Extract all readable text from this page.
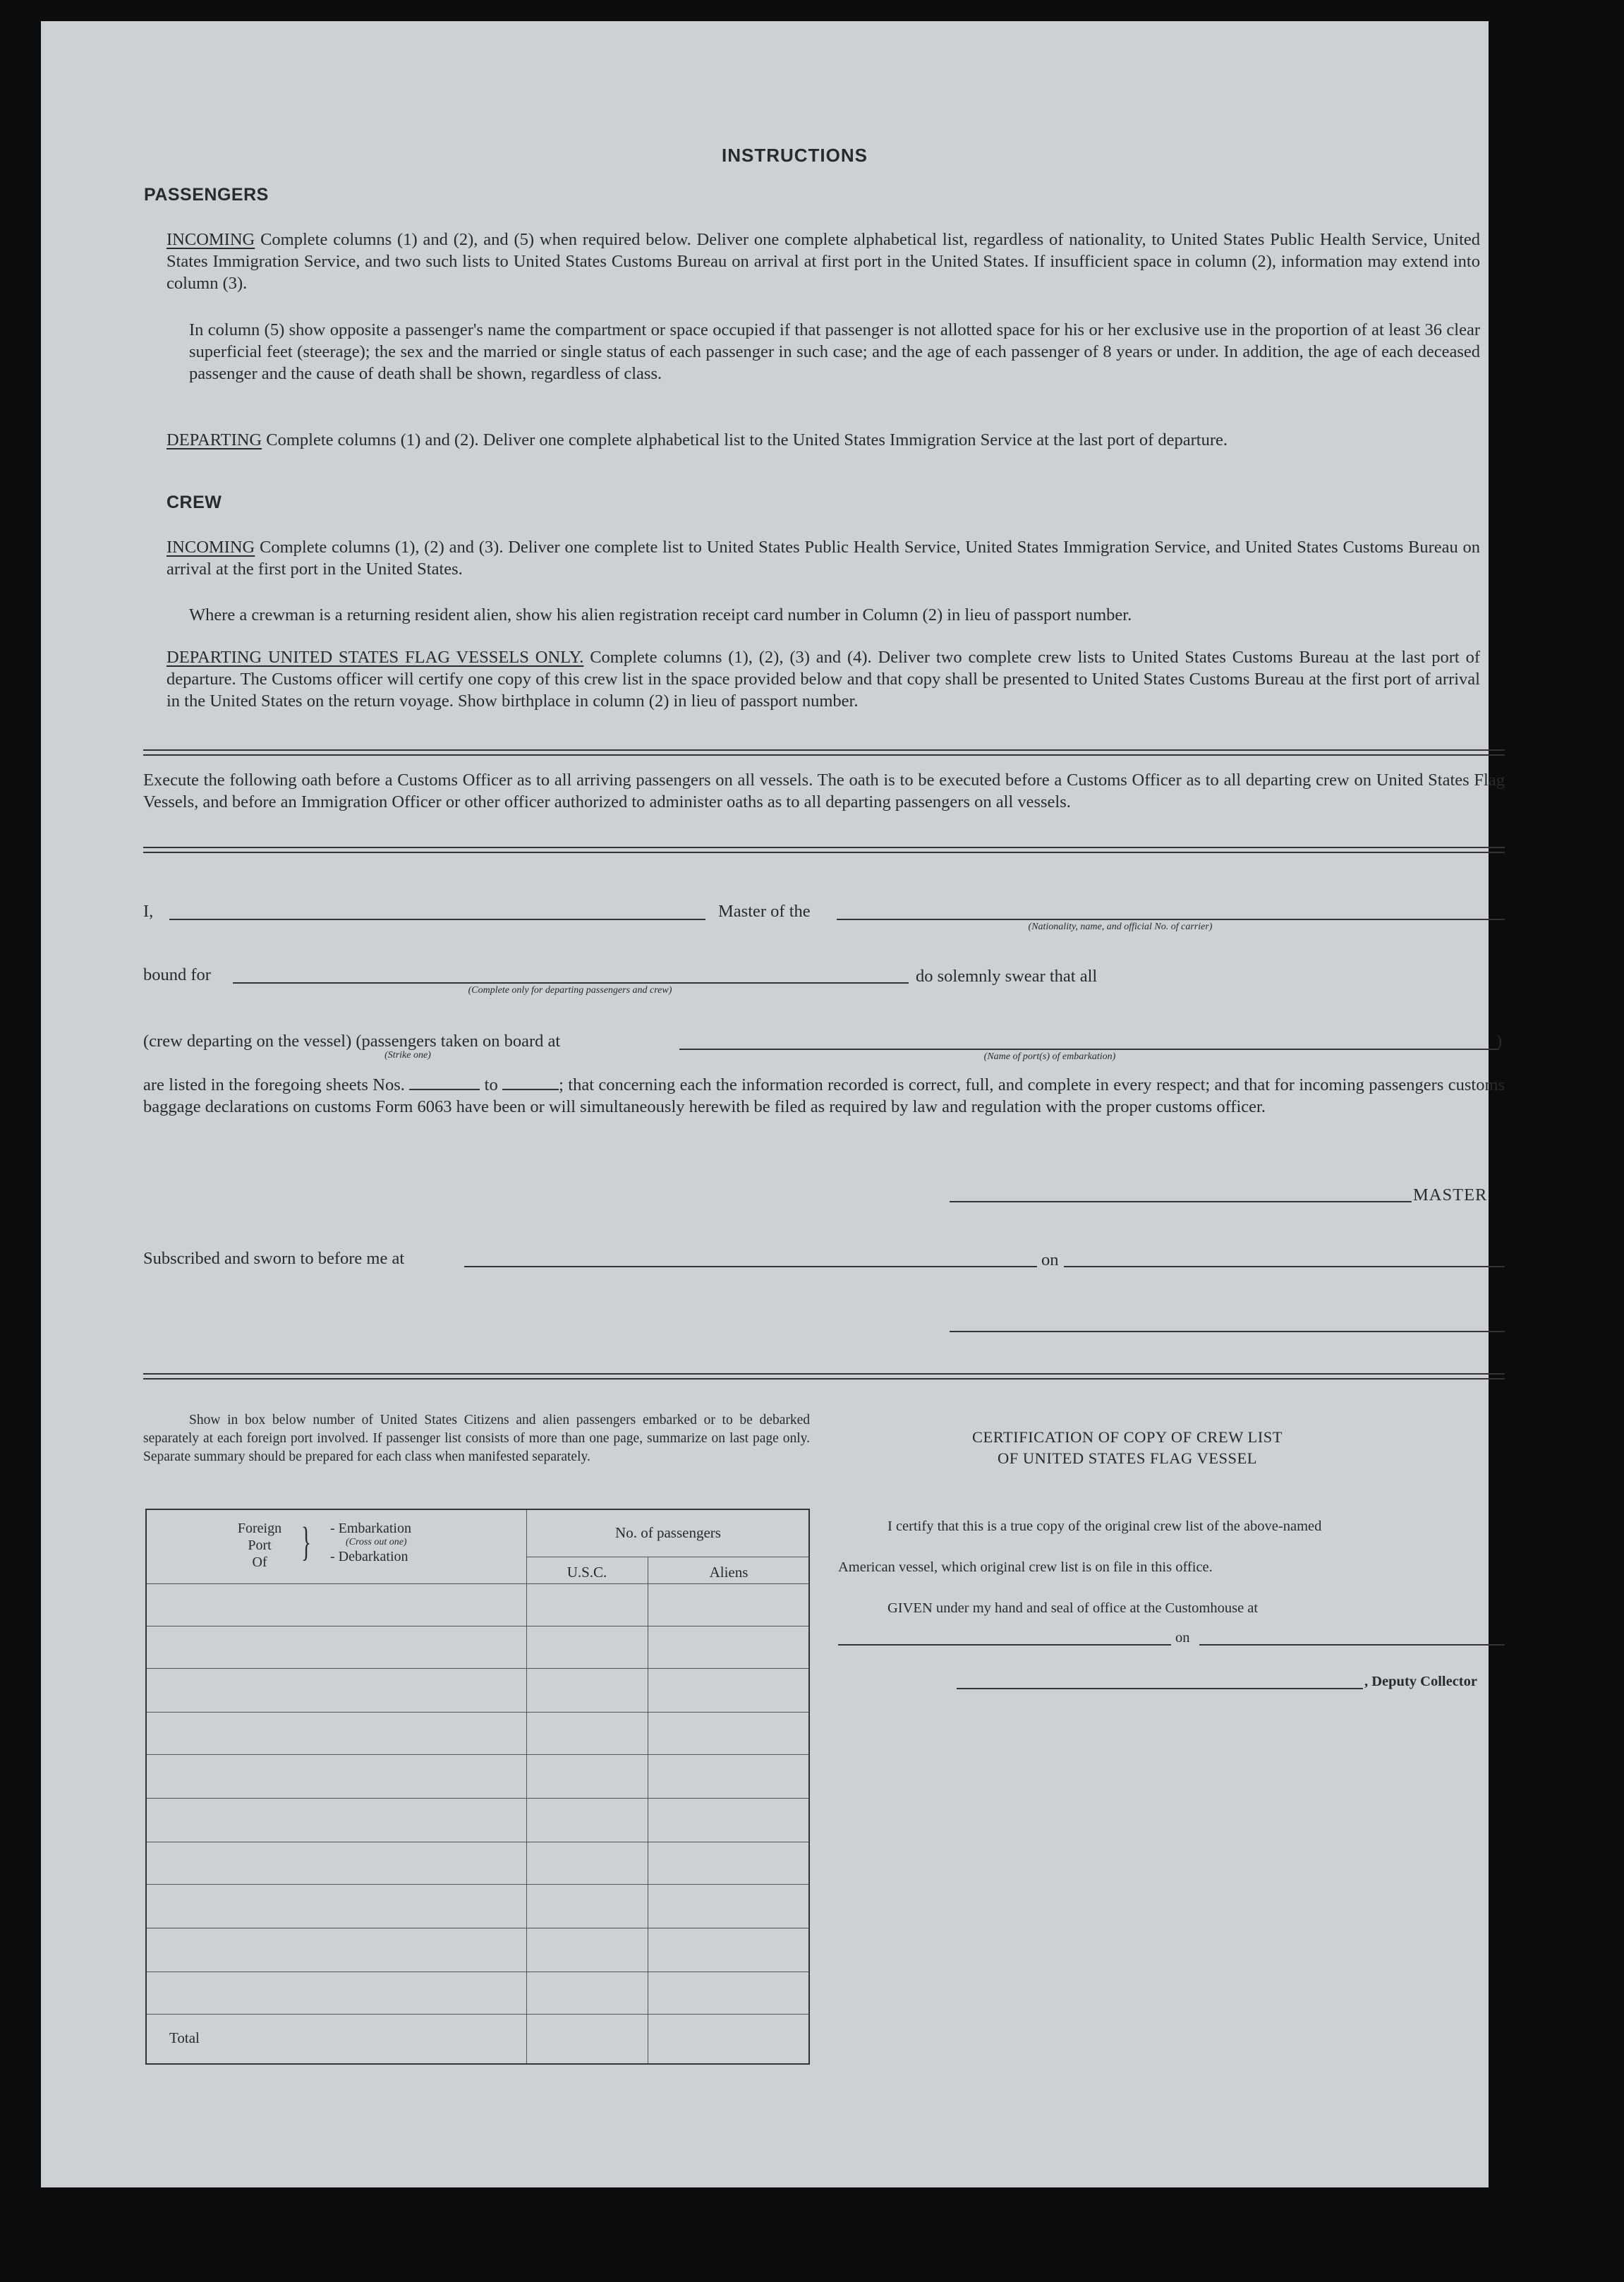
INSTRUCTIONS
PASSENGERS
INCOMING Complete columns (1) and (2), and (5) when required below. Deliver one complete alphabetical list, regardless of nationality, to United States Public Health Service, United States Immigration Service, and two such lists to United States Customs Bureau on arrival at first port in the United States. If insufficient space in column (2), information may extend into column (3).
In column (5) show opposite a passenger's name the compartment or space occupied if that passenger is not allotted space for his or her exclusive use in the proportion of at least 36 clear superficial feet (steerage); the sex and the married or single status of each passenger in such case; and the age of each passenger of 8 years or under. In addition, the age of each deceased passenger and the cause of death shall be shown, regardless of class.
DEPARTING Complete columns (1) and (2). Deliver one complete alphabetical list to the United States Immigration Service at the last port of departure.
CREW
INCOMING Complete columns (1), (2) and (3). Deliver one complete list to United States Public Health Service, United States Immigration Service, and United States Customs Bureau on arrival at the first port in the United States.
Where a crewman is a returning resident alien, show his alien registration receipt card number in Column (2) in lieu of passport number.
DEPARTING UNITED STATES FLAG VESSELS ONLY. Complete columns (1), (2), (3) and (4). Deliver two complete crew lists to United States Customs Bureau at the last port of departure. The Customs officer will certify one copy of this crew list in the space provided below and that copy shall be presented to United States Customs Bureau at the first port of arrival in the United States on the return voyage. Show birthplace in column (2) in lieu of passport number.
Execute the following oath before a Customs Officer as to all arriving passengers on all vessels. The oath is to be executed before a Customs Officer as to all departing crew on United States Flag Vessels, and before an Immigration Officer or other officer authorized to administer oaths as to all departing passengers on all vessels.
I,	Master of the
(Nationality, name, and official No. of carrier)
bound for
(Complete only for departing passengers and crew)
do solemnly swear that all
(crew departing on the vessel) (passengers taken on board at	)
(Strike one)	(Name of port(s) of embarkation)
are listed in the foregoing sheets Nos.	to	; that concerning each the information recorded is correct, full, and complete in every respect; and that for incoming passengers customs baggage declarations on customs Form 6063 have been or will simultaneously herewith be filed as required by law and regulation with the proper customs officer.
MASTER
Subscribed and sworn to before me at	on
Show in box below number of United States Citizens and alien passengers embarked or to be debarked separately at each foreign port involved. If passenger list consists of more than one page, summarize on last page only. Separate summary should be prepared for each class when manifested separately.
Foreign
Port
Of } - Embarkation
(Cross out one)
- Debarkation
No. of passengers
U.S.C.	Aliens
Total
CERTIFICATION OF COPY OF CREW LIST
OF UNITED STATES FLAG VESSEL
I certify that this is a true copy of the original crew list of the above-named
American vessel, which original crew list is on file in this office.
GIVEN under my hand and seal of office at the Customhouse at
on
, Deputy Collector
